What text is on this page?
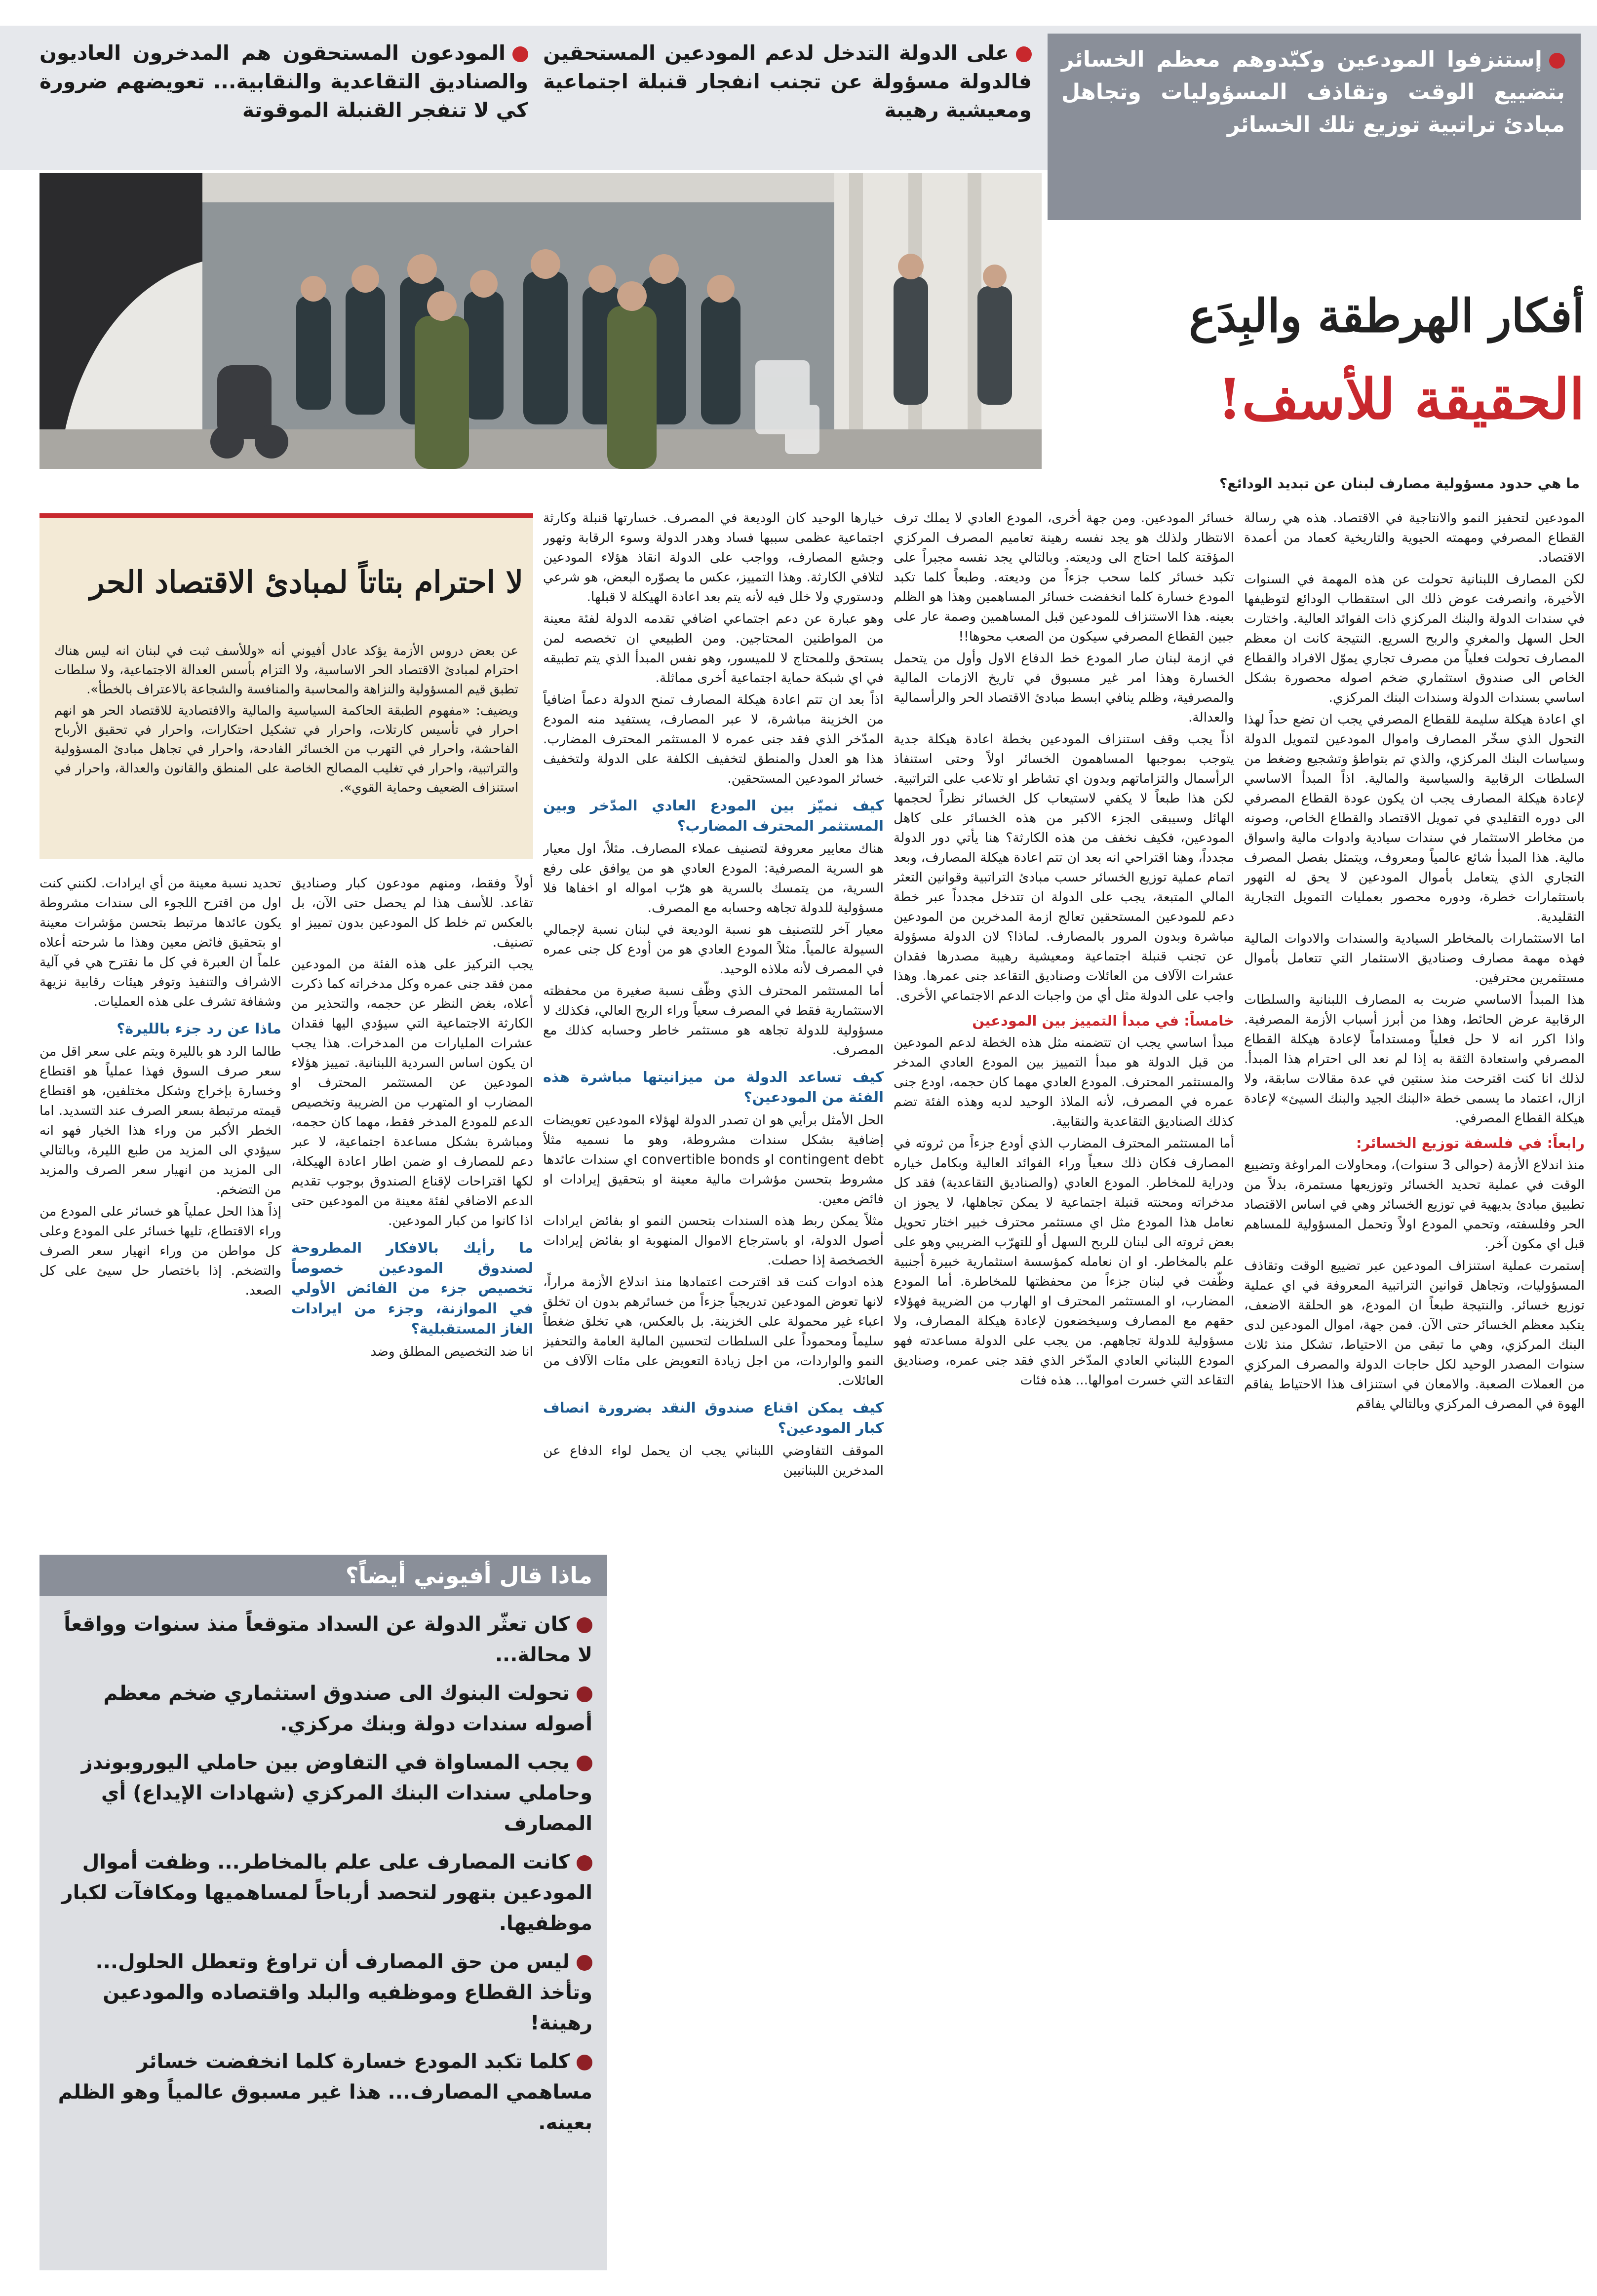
إستنزفوا المودعين وكبّدوهم معظم الخسائر بتضييع الوقت وتقاذف المسؤوليات وتجاهل مبادئ تراتبية توزيع تلك الخسائر
على الدولة التدخل لدعم المودعين المستحقين فالدولة مسؤولة عن تجنب انفجار قنبلة اجتماعية ومعيشية رهيبة
المودعون المستحقون هم المدخرون العاديون والصناديق التقاعدية والنقابية... تعويضهم ضرورة كي لا تنفجر القنبلة الموقوتة
أفكار الهرطقة والبِدَع
الحقيقة للأسف!
ما هي حدود مسؤولية مصارف لبنان عن تبديد الودائع؟

المودعين لتحفيز النمو والانتاجية في الاقتصاد. هذه هي رسالة القطاع المصرفي ومهمته الحيوية والتاريخية كعماد من أعمدة الاقتصاد.

لكن المصارف اللبنانية تحولت عن هذه المهمة في السنوات الأخيرة، وانصرفت عوض ذلك الى استقطاب الودائع لتوظيفها في سندات الدولة والبنك المركزي ذات الفوائد العالية. واختارت الحل السهل والمغري والربح السريع. النتيجة كانت ان معظم المصارف تحولت فعلياً من مصرف تجاري يموّل الافراد والقطاع الخاص الى صندوق استثماري ضخم اصوله محصورة بشكل اساسي بسندات الدولة وسندات البنك المركزي.

اي اعادة هيكلة سليمة للقطاع المصرفي يجب ان تضع حداً لهذا التحول الذي سخّر المصارف واموال المودعين لتمويل الدولة وسياسات البنك المركزي، والذي تم بتواطؤ وتشجيع وضغط من السلطات الرقابية والسياسية والمالية. اذاً المبدأ الاساسي لإعادة هيكلة المصارف يجب ان يكون عودة القطاع المصرفي الى دوره التقليدي في تمويل الاقتصاد والقطاع الخاص، وصونه من مخاطر الاستثمار في سندات سيادية وادوات مالية واسواق مالية. هذا المبدأ شائع عالمياً ومعروف، ويتمثل بفصل المصرف التجاري الذي يتعامل بأموال المودعين لا يحق له التهور باستثمارات خطرة، ودوره محصور بعمليات التمويل التجارية التقليدية.

اما الاستثمارات بالمخاطر السيادية والسندات والادوات المالية فهذه مهمة مصارف وصناديق الاستثمار التي تتعامل بأموال مستثمرين محترفين.

هذا المبدأ الاساسي ضربت به المصارف اللبنانية والسلطات الرقابية عرض الحائط، وهذا من أبرز أسباب الأزمة المصرفية. واذا اكرر انه لا حل فعلياً ومستداماً لإعادة هيكلة القطاع المصرفي واستعادة الثقة به إذا لم نعد الى احترام هذا المبدأ. لذلك انا كنت اقترحت منذ سنتين في عدة مقالات سابقة، ولا ازال، اعتماد ما يسمى خطة «البنك الجيد والبنك السيئ» لإعادة هيكلة القطاع المصرفي.

رابعاً: في فلسفة توزيع الخسائر:

منذ اندلاع الأزمة (حوالى 3 سنوات)، ومحاولات المراوغة وتضييع الوقت في عملية تحديد الخسائر وتوزيعها مستمرة، بدلاً من تطبيق مبادئ بديهية في توزيع الخسائر وهي في اساس الاقتصاد الحر وفلسفته، وتحمي المودع اولاً وتحمل المسؤولية للمساهم قبل اي مكون آخر.

إستمرت عملية استنزاف المودعين عبر تضييع الوقت وتقاذف المسؤوليات، وتجاهل قوانين التراتبية المعروفة في اي عملية توزيع خسائر. والنتيجة طبعاً ان المودع، هو الحلقة الاضعف، يتكبد معظم الخسائر حتى الآن. فمن جهة، اموال المودعين لدى البنك المركزي، وهي ما تبقى من الاحتياط، تشكل منذ ثلاث سنوات المصدر الوحيد لكل حاجات الدولة والمصرف المركزي من العملات الصعبة. والامعان في استنزاف هذا الاحتياط يفاقم الهوة في المصرف المركزي وبالتالي يفاقم

خسائر المودعين. ومن جهة أخرى، المودع العادي لا يملك ترف الانتظار ولذلك هو يجد نفسه رهينة تعاميم المصرف المركزي المؤقتة كلما احتاج الى وديعته. وبالتالي يجد نفسه مجبراً على تكبد خسائر كلما سحب جزءاً من وديعته. وطبعاً كلما تكبد المودع خسارة كلما انخفضت خسائر المساهمين وهذا هو الظلم بعينه. هذا الاستنزاف للمودعين قبل المساهمين وصمة عار على جبين القطاع المصرفي سيكون من الصعب محوها!!

في ازمة لبنان صار المودع خط الدفاع الاول وأول من يتحمل الخسارة وهذا امر غير مسبوق في تاريخ الازمات المالية والمصرفية، وظلم ينافي ابسط مبادئ الاقتصاد الحر والرأسمالية والعدالة.

اذاً يجب وقف استنزاف المودعين بخطة اعادة هيكلة جدية يتوجب بموجبها المساهمون الخسائر اولاً وحتى استنفاذ الرأسمال والتزاماتهم وبدون اي تشاطر او تلاعب على التراتبية. لكن هذا طبعاً لا يكفي لاستيعاب كل الخسائر نظراً لحجمها الهائل وسيبقى الجزء الاكبر من هذه الخسائر على كاهل المودعين، فكيف نخفف من هذه الكارثة؟ هنا يأتي دور الدولة مجدداً، وهنا اقتراحي انه بعد ان تتم اعادة هيكلة المصارف، وبعد اتمام عملية توزيع الخسائر حسب مبادئ التراتبية وقوانين التعثر المالي المتبعة، يجب على الدولة ان تتدخل مجدداً عبر خطة دعم للمودعين المستحقين تعالج ازمة المدخرين من المودعين مباشرة وبدون المرور بالمصارف. لماذا؟ لان الدولة مسؤولة عن تجنب قنبلة اجتماعية ومعيشية رهيبة مصدرها فقدان عشرات الآلاف من العائلات وصناديق التقاعد جنى عمرها. وهذا واجب على الدولة مثل أي من واجبات الدعم الاجتماعي الأخرى.

خامساً: في مبدأ التمييز بين المودعين

مبدأ اساسي يجب ان تتضمنه مثل هذه الخطة لدعم المودعين من قبل الدولة هو مبدأ التمييز بين المودع العادي المدخر والمستثمر المحترف. المودع العادي مهما كان حجمه، اودع جنى عمره في المصرف، لأنه الملاذ الوحيد لديه وهذه الفئة تضم كذلك الصناديق التقاعدية والنقابية.

أما المستثمر المحترف المضارب الذي أودع جزءاً من ثروته في المصارف فكان ذلك سعياً وراء الفوائد العالية وبكامل خياره ودراية للمخاطر. المودع العادي (والصناديق التقاعدية) فقد كل مدخراته ومحنته قنبلة اجتماعية لا يمكن تجاهلها، لا يجوز ان نعامل هذا المودع مثل اي مستثمر محترف خبير اختار تحويل بعض ثروته الى لبنان للربح السهل أو للتهرّب الضريبي وهو على علم بالمخاطر. او ان نعامله كمؤسسة استثمارية خبيرة أجنبية وظّفت في لبنان جزءاً من محفظتها للمخاطرة. أما المودع المضارب، او المستثمر المحترف او الهارب من الضريبة فهؤلاء حقهم مع المصارف وسيخضعون لإعادة هيكلة المصارف، ولا مسؤولية للدولة تجاههم. من يجب على الدولة مساعدته فهو المودع اللبناني العادي المدّخر الذي فقد جنى عمره، وصناديق التقاعد التي خسرت اموالها... هذه فئات

خيارها الوحيد كان الوديعة في المصرف. خسارتها قنبلة وكارثة اجتماعية عظمى سببها فساد وهدر الدولة وسوء الرقابة وتهور وجشع المصارف، وواجب على الدولة انقاذ هؤلاء المودعين لتلافي الكارثة. وهذا التمييز، عكس ما يصوّره البعض، هو شرعي ودستوري ولا خلل فيه لأنه يتم بعد اعادة الهيكلة لا قبلها.

وهو عبارة عن دعم اجتماعي اضافي تقدمه الدولة لفئة معينة من المواطنين المحتاجين. ومن الطبيعي ان تخصصه لمن يستحق وللمحتاج لا للميسور، وهو نفس المبدأ الذي يتم تطبيقه في اي شبكة حماية اجتماعية أخرى مماثلة.

اذاً بعد ان تتم اعادة هيكلة المصارف تمنح الدولة دعماً اضافياً من الخزينة مباشرة، لا عبر المصارف، يستفيد منه المودع المدّخر الذي فقد جنى عمره لا المستثمر المحترف المضارب. هذا هو العدل والمنطق لتخفيف الكلفة على الدولة ولتخفيف خسائر المودعين المستحقين.

كيف نميّز بين المودع العادي المدّخر وبين المستثمر المحترف المضارب؟

هناك معايير معروفة لتصنيف عملاء المصارف. مثلاً، اول معيار هو السرية المصرفية: المودع العادي هو من يوافق على رفع السرية، من يتمسك بالسرية هو هرّب امواله او اخفاها فلا مسؤولية للدولة تجاهه وحسابه مع المصرف.

معيار آخر للتصنيف هو نسبة الوديعة في لبنان نسبة لإجمالي السيولة عالمياً. مثلاً المودع العادي هو من أودع كل جنى عمره في المصرف لأنه ملاذه الوحيد.

أما المستثمر المحترف الذي وظّف نسبة صغيرة من محفظته الاستثمارية فقط في المصرف سعياً وراء الربح العالي، فكذلك لا مسؤولية للدولة تجاهه هو مستثمر خاطر وحسابه كذلك مع المصرف.

كيف تساعد الدولة من ميزانيتها مباشرة هذه الفئة من المودعين؟

الحل الأمثل برأيي هو ان تصدر الدولة لهؤلاء المودعين تعويضات إضافية بشكل سندات مشروطة، وهو ما نسميه مثلاً contingent debt او convertible bonds اي سندات عائدها مشروط بتحسن مؤشرات مالية معينة او بتحقيق إيرادات او فائض معين.

مثلاً يمكن ربط هذه السندات بتحسن النمو او بفائض ايرادات أصول الدولة، او باسترجاع الاموال المنهوبة او بفائض إيرادات الخصخصة إذا حصلت.

هذه ادوات كنت قد اقترحت اعتمادها منذ اندلاع الأزمة مراراً، لانها تعوض المودعين تدريجياً جزءاً من خسائرهم بدون ان تخلق اعباء غير محمولة على الخزينة. بل بالعكس، هي تخلق ضغطاً سليماً ومحموداً على السلطات لتحسين المالية العامة والتحفيز النمو والواردات، من اجل زيادة التعويض على مئات الآلاف من العائلات.

كيف يمكن اقناع صندوق النقد بضرورة انصاف كبار المودعين؟

الموقف التفاوضي اللبناني يجب ان يحمل لواء الدفاع عن المدخرين اللبنانيين

لا احترام بتاتاً لمبادئ الاقتصاد الحر

عن بعض دروس الأزمة يؤكد عادل أفيوني أنه «وللأسف ثبت في لبنان انه ليس هناك احترام لمبادئ الاقتصاد الحر الاساسية، ولا التزام بأسس العدالة الاجتماعية، ولا سلطات تطبق قيم المسؤولية والنزاهة والمحاسبة والمنافسة والشجاعة بالاعتراف بالخطأ».

ويضيف: «مفهوم الطبقة الحاكمة السياسية والمالية والاقتصادية للاقتصاد الحر هو انهم احرار في تأسيس كارتلات، واحرار في تشكيل احتكارات، واحرار في تحقيق الأرباح الفاحشة، واحرار في التهرب من الخسائر الفادحة، واحرار في تجاهل مبادئ المسؤولية والتراتبية، واحرار في تغليب المصالح الخاصة على المنطق والقانون والعدالة، واحرار في استنزاف الضعيف وحماية القوي».

أولاً وفقط، ومنهم مودعون كبار وصناديق تقاعد. للأسف هذا لم يحصل حتى الآن، بل بالعكس تم خلط كل المودعين بدون تمييز او تصنيف.

يجب التركيز على هذه الفئة من المودعين ممن فقد جنى عمره وكل مدخراته كما ذكرت أعلاه، بغض النظر عن حجمه، والتحذير من الكارثة الاجتماعية التي سيؤدي اليها فقدان عشرات المليارات من المدخرات. هذا يجب ان يكون اساس السردية اللبنانية. تمييز هؤلاء المودعين عن المستثمر المحترف او المضارب او المتهرب من الضريبة وتخصيص الدعم للمودع المدخر فقط، مهما كان حجمه، ومباشرة بشكل مساعدة اجتماعية، لا عبر دعم للمصارف او ضمن اطار اعادة الهيكلة، لكها اقتراحات لإقناع الصندوق بوجوب تقديم الدعم الاضافي لفئة معينة من المودعين حتى اذا كانوا من كبار المودعين.

ما رأيك بالافكار المطروحة لصندوق المودعين خصوصاً تخصيص جزء من الفائض الأولي في الموازنة، وجزء من ايرادات الغاز المستقبلية؟

انا ضد التخصيص المطلق وضد

تحديد نسبة معينة من أي ايرادات. لكنني كنت اول من اقترح اللجوء الى سندات مشروطة يكون عائدها مرتبط بتحسن مؤشرات معينة او بتحقيق فائض معين وهذا ما شرحته أعلاه علماً ان العبرة في كل ما نقترح هي في آلية الاشراف والتنفيذ وتوفر هيئات رقابية نزيهة وشفافة تشرف على هذه العمليات.

ماذا عن رد جزء بالليرة؟

طالما الرد هو بالليرة ويتم على سعر اقل من سعر صرف السوق فهذا عملياً هو اقتطاع وخسارة بإخراج وشكل مختلفين، هو اقتطاع قيمته مرتبطة بسعر الصرف عند التسديد. اما الخطر الأكبر من وراء هذا الخيار فهو انه سيؤدي الى المزيد من طبع الليرة، وبالتالي الى المزيد من انهيار سعر الصرف والمزيد من التضخم.

إذاً هذا الحل عملياً هو خسائر على المودع من وراء الاقتطاع، تليها خسائر على المودع وعلى كل مواطن من وراء انهيار سعر الصرف والتضخم. إذا باختصار حل سيئ على كل الصعد.

ماذا قال أفيوني أيضاً؟
كان تعثّر الدولة عن السداد متوقعاً منذ سنوات وواقعاً لا محالة...
تحولت البنوك الى صندوق استثماري ضخم معظم أصوله سندات دولة وبنك مركزي.
يجب المساواة في التفاوض بين حاملي اليوروبوندز وحاملي سندات البنك المركزي (شهادات الإيداع) أي المصارف
كانت المصارف على علم بالمخاطر... وظفت أموال المودعين بتهور لتحصد أرباحاً لمساهميها ومكافآت لكبار موظفيها.
ليس من حق المصارف أن تراوغ وتعطل الحلول... وتأخذ القطاع وموظفيه والبلد واقتصاده والمودعين رهينة!
كلما تكبد المودع خسارة كلما انخفضت خسائر مساهمي المصارف... هذا غير مسبوق عالمياً وهو الظلم بعينه.
